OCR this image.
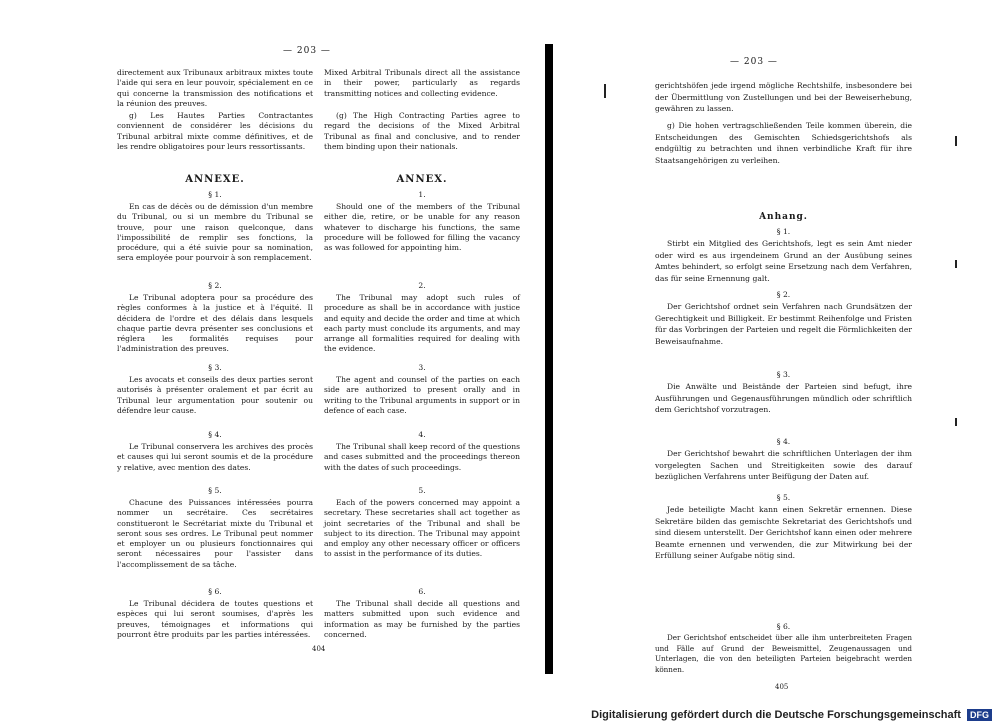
— 203 —
directement aux Tribunaux arbitraux mixtes toute l'aide qui sera en leur pouvoir, spécialement en ce qui concerne la transmission des notifications et la réunion des preuves.
Mixed Arbitral Tribunals direct all the assistance in their power, particularly as regards transmitting notices and collecting evidence.
g) Les Hautes Parties Contractantes conviennent de considérer les décisions du Tribunal arbitral mixte comme définitives, et de les rendre obligatoires pour leurs ressortissants.
(g) The High Contracting Parties agree to regard the decisions of the Mixed Arbitral Tribunal as final and conclusive, and to render them binding upon their nationals.
ANNEXE.	ANNEX.
§ 1.	1.
En cas de décès ou de démission d'un membre du Tribunal, ou si un membre du Tribunal se trouve, pour une raison quelconque, dans l'impossibilité de remplir ses fonctions, la procédure, qui a été suivie pour sa nomination, sera employée pour pourvoir à son remplacement.
Should one of the members of the Tribunal either die, retire, or be unable for any reason whatever to discharge his functions, the same procedure will be followed for filling the vacancy as was followed for appointing him.
§ 2.	2.
Le Tribunal adoptera pour sa procédure des règles conformes à la justice et à l'équité. Il décidera de l'ordre et des délais dans lesquels chaque partie devra présenter ses conclusions et réglera les formalités requises pour l'administration des preuves.
The Tribunal may adopt such rules of procedure as shall be in accordance with justice and equity and decide the order and time at which each party must conclude its arguments, and may arrange all formalities required for dealing with the evidence.
§ 3.	3.
Les avocats et conseils des deux parties seront autorisés à présenter oralement et par écrit au Tribunal leur argumentation pour soutenir ou défendre leur cause.
The agent and counsel of the parties on each side are authorized to present orally and in writing to the Tribunal arguments in support or in defence of each case.
§ 4.	4.
Le Tribunal conservera les archives des procès et causes qui lui seront soumis et de la procédure y relative, avec mention des dates.
The Tribunal shall keep record of the questions and cases submitted and the proceedings thereon with the dates of such proceedings.
§ 5.	5.
Chacune des Puissances intéressées pourra nommer un secrétaire. Ces secrétaires constitueront le Secrétariat mixte du Tribunal et seront sous ses ordres. Le Tribunal peut nommer et employer un ou plusieurs fonctionnaires qui seront nécessaires pour l'assister dans l'accomplissement de sa tâche.
Each of the powers concerned may appoint a secretary. These secretaries shall act together as joint secretaries of the Tribunal and shall be subject to its direction. The Tribunal may appoint and employ any other necessary officer or officers to assist in the performance of its duties.
§ 6.	6.
Le Tribunal décidera de toutes questions et espèces qui lui seront soumises, d'après les preuves, témoignages et informations qui pourront être produits par les parties intéressées.
The Tribunal shall decide all questions and matters submitted upon such evidence and information as may be furnished by the parties concerned.
404
— 203 —
gerichtshöfen jede irgend mögliche Rechtshilfe, insbesondere bei der Übermittlung von Zustellungen und bei der Beweiserhebung, gewähren zu lassen.
g) Die hohen vertragschließenden Teile kommen überein, die Entscheidungen des Gemischten Schiedsgerichtshofs als endgültig zu betrachten und ihnen verbindliche Kraft für ihre Staatsangehörigen zu verleihen.
Anhang.
§ 1.
Stirbt ein Mitglied des Gerichtshofs, legt es sein Amt nieder oder wird es aus irgendeinem Grund an der Ausübung seines Amtes behindert, so erfolgt seine Ersetzung nach dem Verfahren, das für seine Ernennung galt.
§ 2.
Der Gerichtshof ordnet sein Verfahren nach Grundsätzen der Gerechtigkeit und Billigkeit. Er bestimmt Reihenfolge und Fristen für das Vorbringen der Parteien und regelt die Förmlichkeiten der Beweisaufnahme.
§ 3.
Die Anwälte und Beistände der Parteien sind befugt, ihre Ausführungen und Gegenausführungen mündlich oder schriftlich dem Gerichtshof vorzutragen.
§ 4.
Der Gerichtshof bewahrt die schriftlichen Unterlagen der ihm vorgelegten Sachen und Streitigkeiten sowie des darauf bezüglichen Verfahrens unter Beifügung der Daten auf.
§ 5.
Jede beteiligte Macht kann einen Sekretär ernennen. Diese Sekretäre bilden das gemischte Sekretariat des Gerichtshofs und sind diesem unterstellt. Der Gerichtshof kann einen oder mehrere Beamte ernennen und verwenden, die zur Mitwirkung bei der Erfüllung seiner Aufgabe nötig sind.
§ 6.
Der Gerichtshof entscheidet über alle ihm unterbreiteten Fragen und Fälle auf Grund der Beweismittel, Zeugenaussagen und Unterlagen, die von den beteiligten Parteien beigebracht werden können.
405
Digitalisierung gefördert durch die Deutsche Forschungsgemeinschaft DFG
